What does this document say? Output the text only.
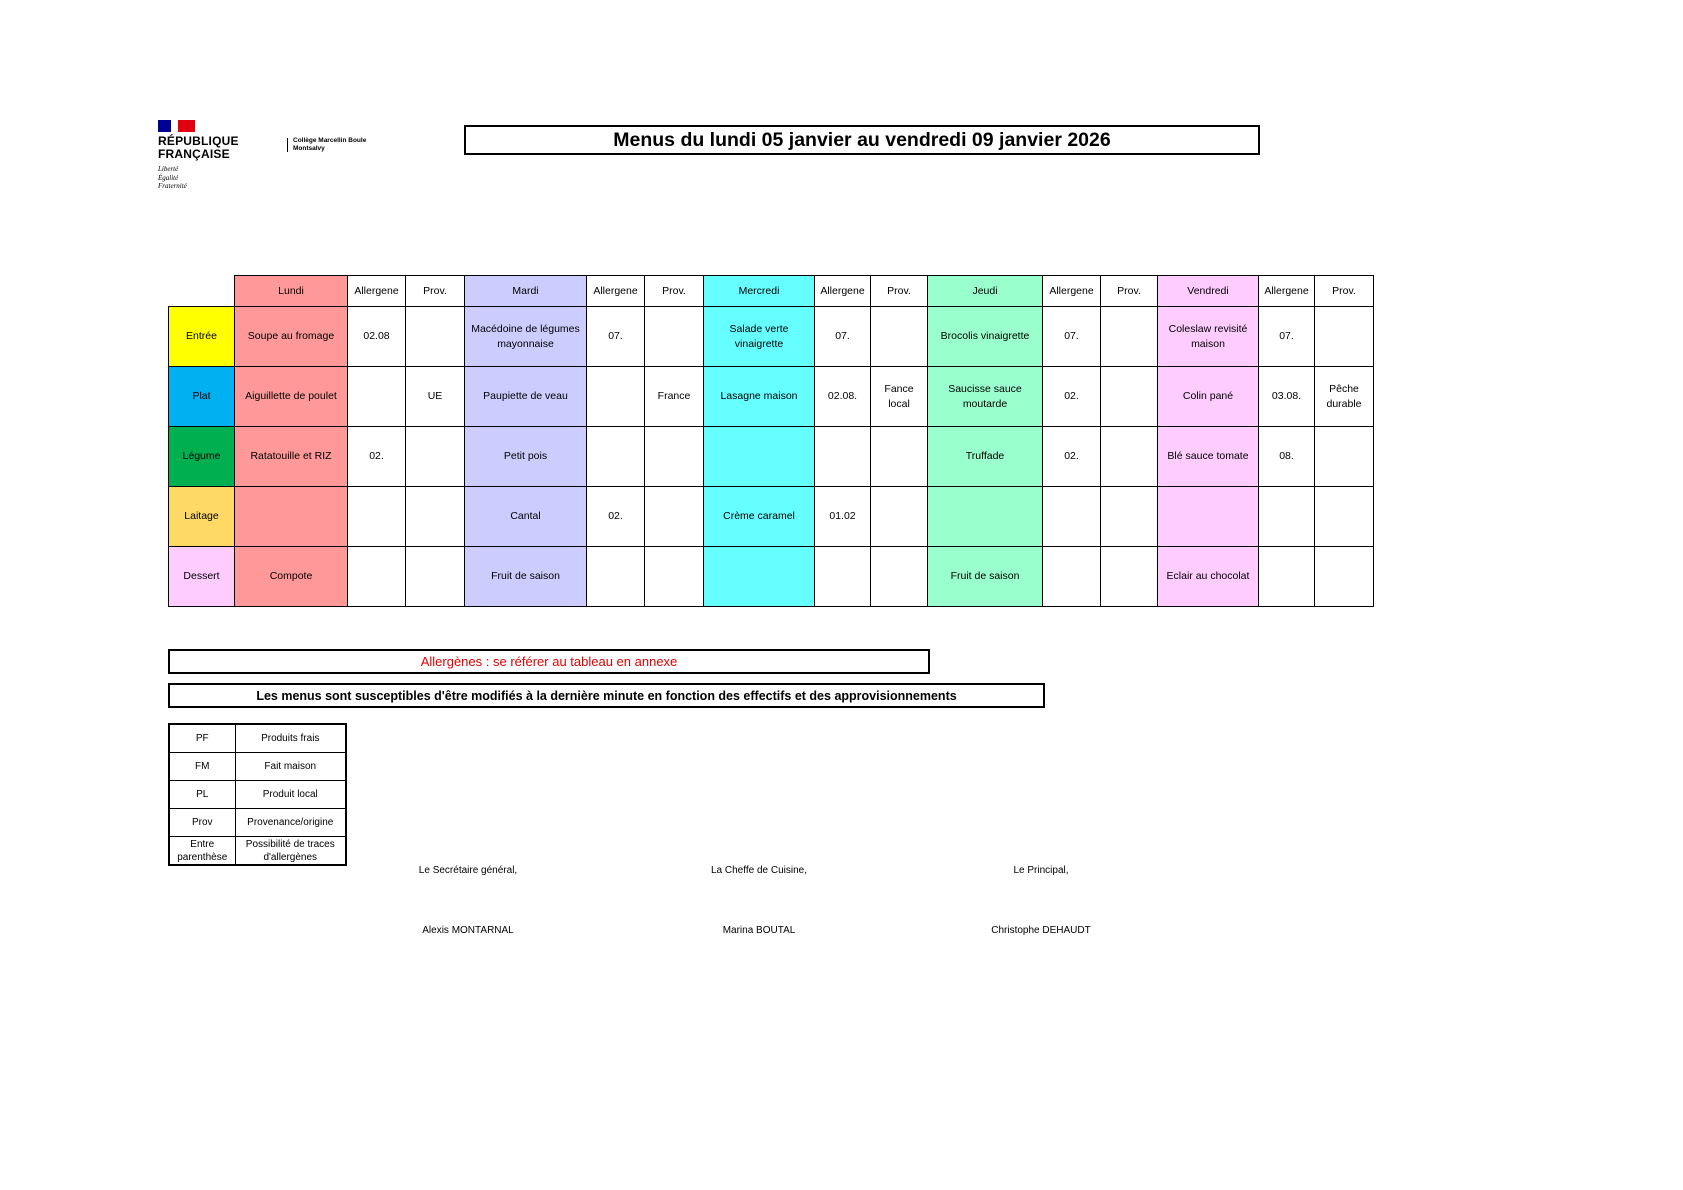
RÉPUBLIQUE
FRANÇAISE
Liberté
Égalité
Fraternité
Collège Marcellin Boule
Montsalvy	Menus du lundi 05 janvier au vendredi 09 janvier 2026
	Lundi	Allergene	Prov.	Mardi	Allergene	Prov.	Mercredi	Allergene	Prov.	Jeudi	Allergene	Prov.	Vendredi	Allergene	Prov.
Entrée	Soupe au fromage	02.08		Macédoine de légumes mayonnaise	07.		Salade verte vinaigrette	07.		Brocolis vinaigrette	07.		Coleslaw revisité maison	07.	
Plat	Aiguillette de poulet		UE	Paupiette de veau		France	Lasagne maison	02.08.	Fance local	Saucisse sauce moutarde	02.		Colin pané	03.08.	Pêche durable
Légume	Ratatouille et RIZ	02.		Petit pois						Truffade	02.		Blé sauce tomate	08.	
Laitage				Cantal	02.		Crème caramel	01.02							
Dessert	Compote			Fruit de saison						Fruit de saison			Eclair au chocolat		
Allergènes : se référer au tableau en annexe
Les menus sont susceptibles d'être modifiés à la dernière minute en fonction des effectifs et des approvisionnements
PF	Produits frais
FM	Fait maison
PL	Produit local
Prov	Provenance/origine
Entre parenthèse	Possibilité de traces d'allergènes
Le Secrétaire général,
Alexis MONTARNAL
La Cheffe de Cuisine,
Marina BOUTAL
Le Principal,
Christophe DEHAUDT
